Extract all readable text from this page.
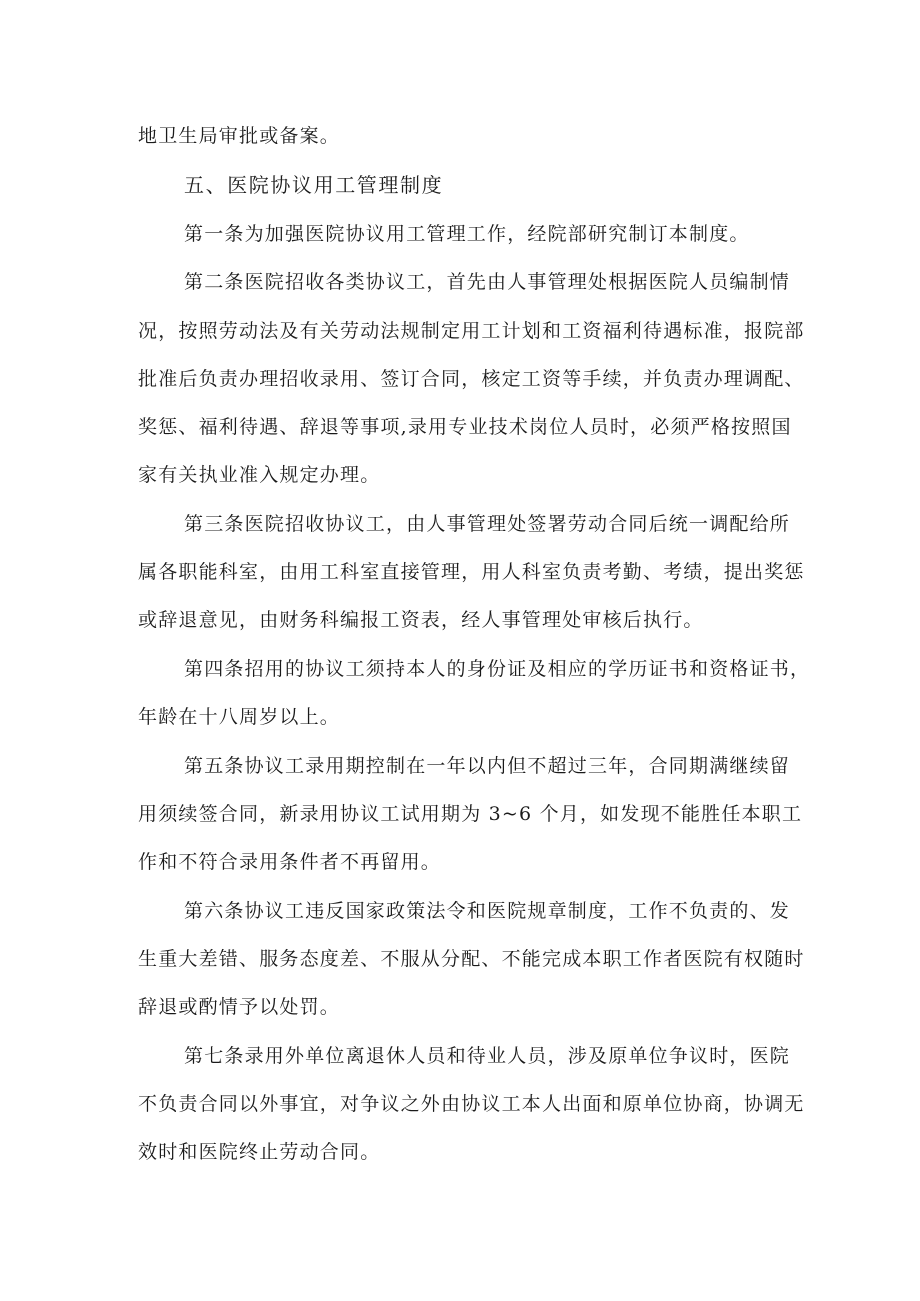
地卫生局审批或备案。
五、医院协议用工管理制度
第一条为加强医院协议用工管理工作，经院部研究制订本制度。
第二条医院招收各类协议工，首先由人事管理处根据医院人员编制情
况，按照劳动法及有关劳动法规制定用工计划和工资福利待遇标准，报院部
批准后负责办理招收录用、签订合同，核定工资等手续，并负责办理调配、
奖惩、福利待遇、辞退等事项,录用专业技术岗位人员时，必须严格按照国
家有关执业准入规定办理。
第三条医院招收协议工，由人事管理处签署劳动合同后统一调配给所
属各职能科室，由用工科室直接管理，用人科室负责考勤、考绩，提出奖惩
或辞退意见，由财务科编报工资表，经人事管理处审核后执行。
第四条招用的协议工须持本人的身份证及相应的学历证书和资格证书，
年龄在十八周岁以上。
第五条协议工录用期控制在一年以内但不超过三年，合同期满继续留
用须续签合同，新录用协议工试用期为 3~6 个月，如发现不能胜任本职工
作和不符合录用条件者不再留用。
第六条协议工违反国家政策法令和医院规章制度，工作不负责的、发
生重大差错、服务态度差、不服从分配、不能完成本职工作者医院有权随时
辞退或酌情予以处罚。
第七条录用外单位离退休人员和待业人员，涉及原单位争议时，医院
不负责合同以外事宜，对争议之外由协议工本人出面和原单位协商，协调无
效时和医院终止劳动合同。
